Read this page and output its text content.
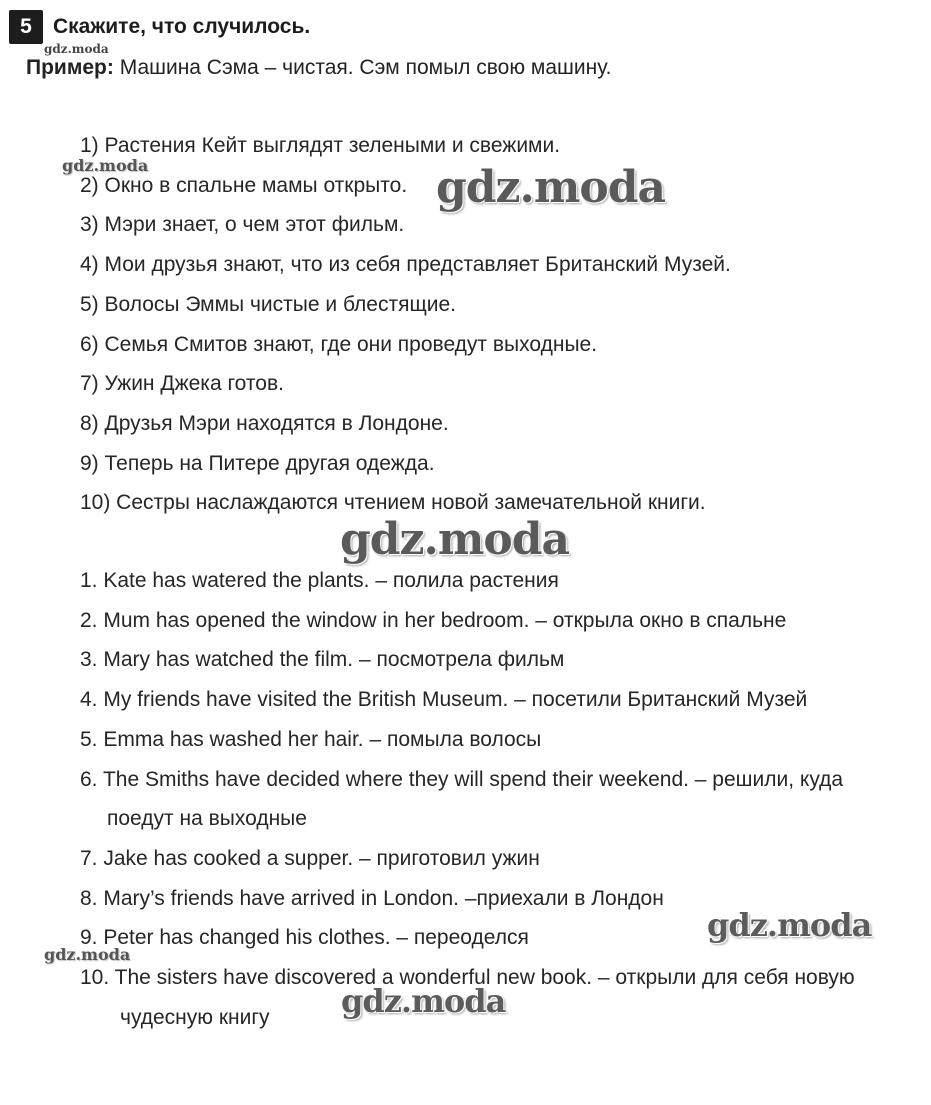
5	Скажите, что случилось.
Пример: Машина Сэма – чистая. Сэм помыл свою машину.
1) Растения Кейт выглядят зелеными и свежими.
2) Окно в спальне мамы открыто.
3) Мэри знает, о чем этот фильм.
4) Мои друзья знают, что из себя представляет Британский Музей.
5) Волосы Эммы чистые и блестящие.
6) Семья Смитов знают, где они проведут выходные.
7) Ужин Джека готов.
8) Друзья Мэри находятся в Лондоне.
9) Теперь на Питере другая одежда.
10) Сестры наслаждаются чтением новой замечательной книги.
1. Kate has watered the plants. – полила растения
2. Mum has opened the window in her bedroom. – открыла окно в спальне
3. Mary has watched the film. – посмотрела фильм
4. My friends have visited the British Museum. – посетили Британский Музей
5. Emma has washed her hair. – помыла волосы
6. The Smiths have decided where they will spend their weekend. – решили, куда
поедут на выходные
7. Jake has cooked a supper. – приготовил ужин
8. Mary’s friends have arrived in London. –приехали в Лондон
9. Peter has changed his clothes. – переоделся
10. The sisters have discovered a wonderful new book. – открыли для себя новую
чудесную книгу
gdz.moda
gdz.moda	gdz.moda
gdz.moda
gdz.moda
gdz.moda
gdz.moda
